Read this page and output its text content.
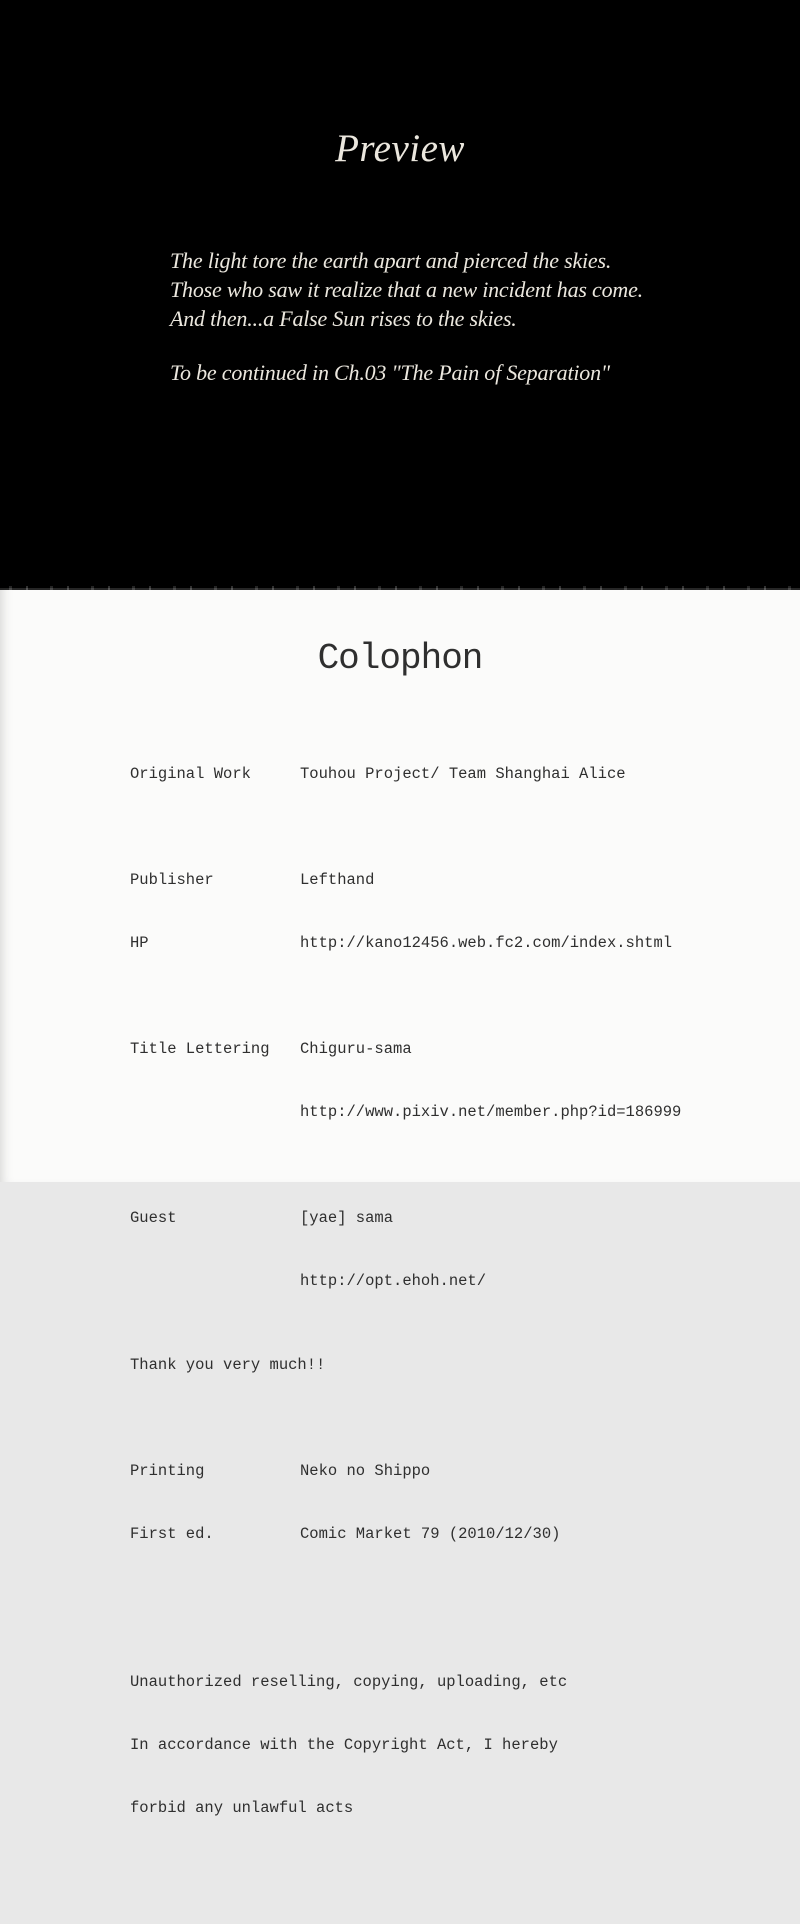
Preview

The light tore the earth apart and pierced the skies.

Those who saw it realize that a new incident has come.

And then...a False Sun rises to the skies.

To be continued in Ch.03 "The Pain of Separation"

Colophon

Original Work	Touhou Project/ Team Shanghai Alice

Publisher	Lefthand

HP	http://kano12456.web.fc2.com/index.shtml

Title Lettering	Chiguru-sama

http://www.pixiv.net/member.php?id=186999

Guest	[yae] sama

http://opt.ehoh.net/

Thank you very much!!

Printing	Neko no Shippo

First ed.	Comic Market 79 (2010/12/30)

Unauthorized reselling, copying, uploading, etc

In accordance with the Copyright Act, I hereby

forbid any unlawful acts
